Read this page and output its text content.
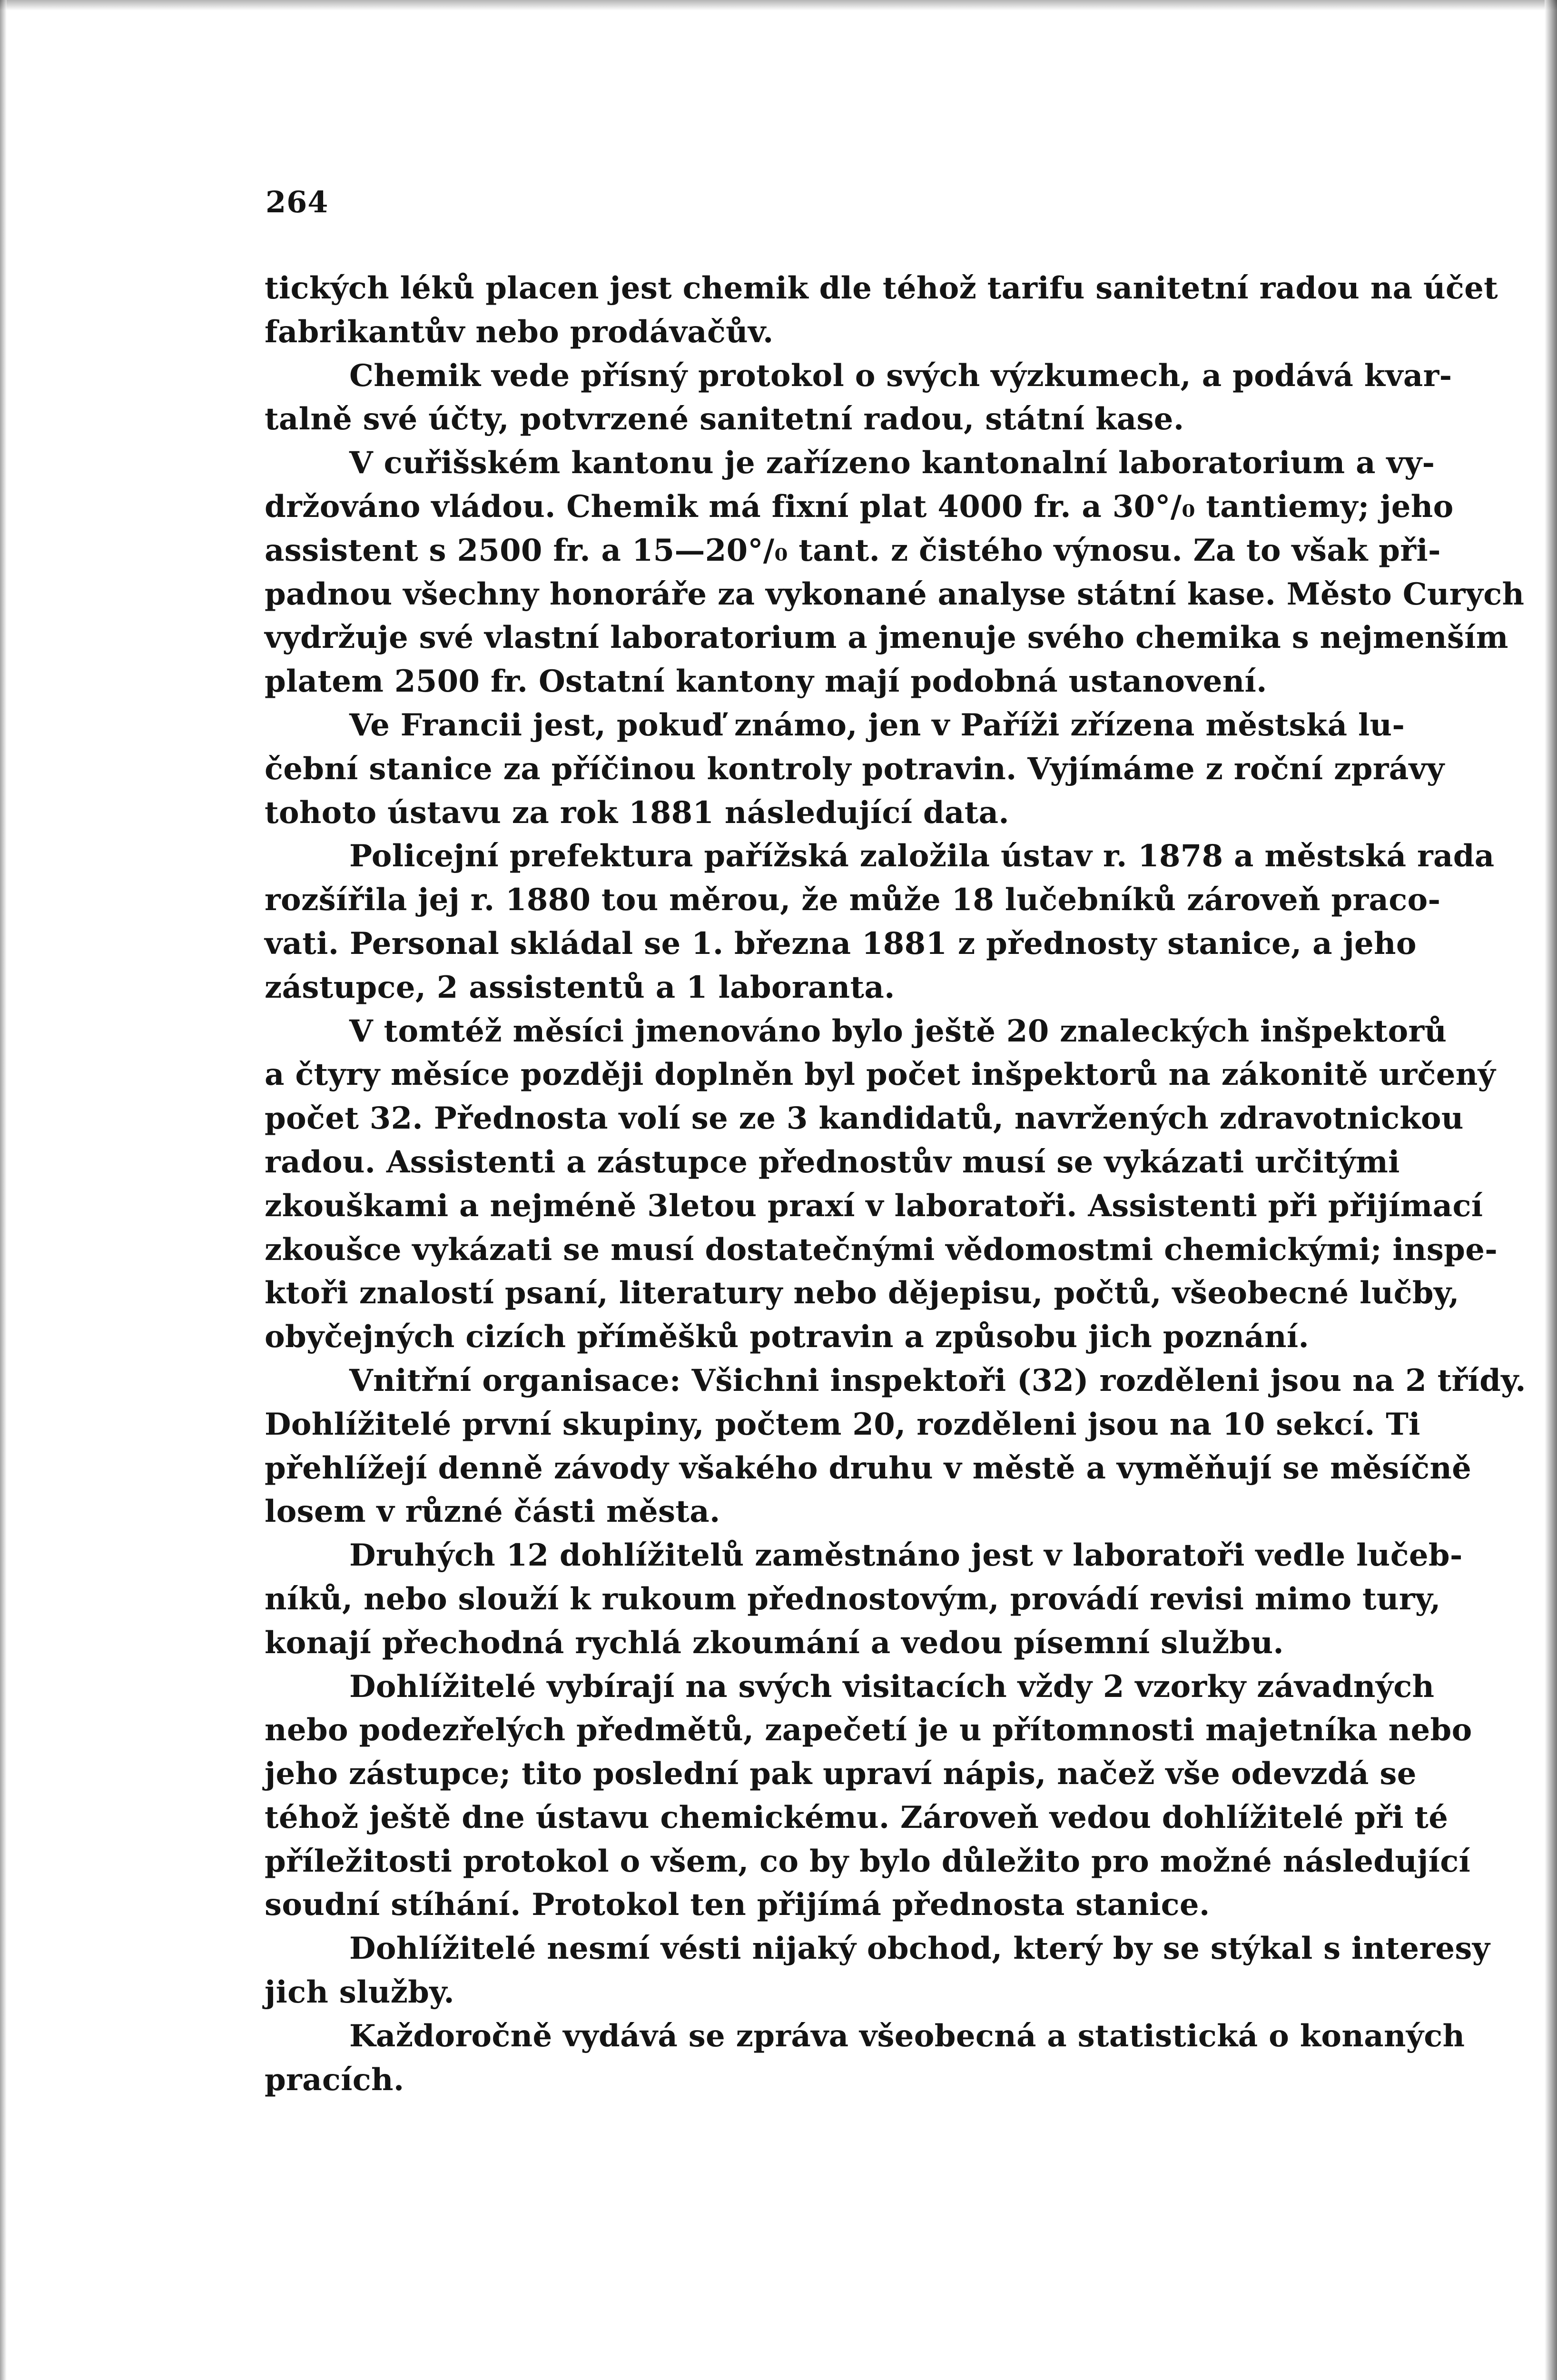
264
tických léků placen jest chemik dle téhož tarifu sanitetní radou na účet
fabrikantův nebo prodávačův.
Chemik vede přísný protokol o svých výzkumech, a podává kvar-
talně své účty, potvrzené sanitetní radou, státní kase.
V cuřišském kantonu je zařízeno kantonalní laboratorium a vy-
držováno vládou. Chemik má fixní plat 4000 fr. a 30°/₀ tantiemy; jeho
assistent s 2500 fr. a 15—20°/₀ tant. z čistého výnosu. Za to však při-
padnou všechny honoráře za vykonané analyse státní kase. Město Curych
vydržuje své vlastní laboratorium a jmenuje svého chemika s nejmenším
platem 2500 fr. Ostatní kantony mají podobná ustanovení.
Ve Francii jest, pokuď známo, jen v Paříži zřízena městská lu-
čební stanice za příčinou kontroly potravin. Vyjímáme z roční zprávy
tohoto ústavu za rok 1881 následující data.
Policejní prefektura pařížská založila ústav r. 1878 a městská rada
rozšířila jej r. 1880 tou měrou, že může 18 lučebníků zároveň praco-
vati. Personal skládal se 1. března 1881 z přednosty stanice, a jeho
zástupce, 2 assistentů a 1 laboranta.
V tomtéž měsíci jmenováno bylo ještě 20 znaleckých inšpektorů
a čtyry měsíce později doplněn byl počet inšpektorů na zákonitě určený
počet 32. Přednosta volí se ze 3 kandidatů, navržených zdravotnickou
radou. Assistenti a zástupce přednostův musí se vykázati určitými
zkouškami a nejméně 3letou praxí v laboratoři. Assistenti při přijímací
zkoušce vykázati se musí dostatečnými vědomostmi chemickými; inspe-
ktoři znalostí psaní, literatury nebo dějepisu, počtů, všeobecné lučby,
obyčejných cizích příměšků potravin a způsobu jich poznání.
Vnitřní organisace: Všichni inspektoři (32) rozděleni jsou na 2 třídy.
Dohlížitelé první skupiny, počtem 20, rozděleni jsou na 10 sekcí. Ti
přehlížejí denně závody všakého druhu v městě a vyměňují se měsíčně
losem v různé části města.
Druhých 12 dohlížitelů zaměstnáno jest v laboratoři vedle lučeb-
níků, nebo slouží k rukoum přednostovým, provádí revisi mimo tury,
konají přechodná rychlá zkoumání a vedou písemní službu.
Dohlížitelé vybírají na svých visitacích vždy 2 vzorky závadných
nebo podezřelých předmětů, zapečetí je u přítomnosti majetníka nebo
jeho zástupce; tito poslední pak upraví nápis, načež vše odevzdá se
téhož ještě dne ústavu chemickému. Zároveň vedou dohlížitelé při té
příležitosti protokol o všem, co by bylo důležito pro možné následující
soudní stíhání. Protokol ten přijímá přednosta stanice.
Dohlížitelé nesmí vésti nijaký obchod, který by se stýkal s interesy
jich služby.
Každoročně vydává se zpráva všeobecná a statistická o konaných
pracích.
